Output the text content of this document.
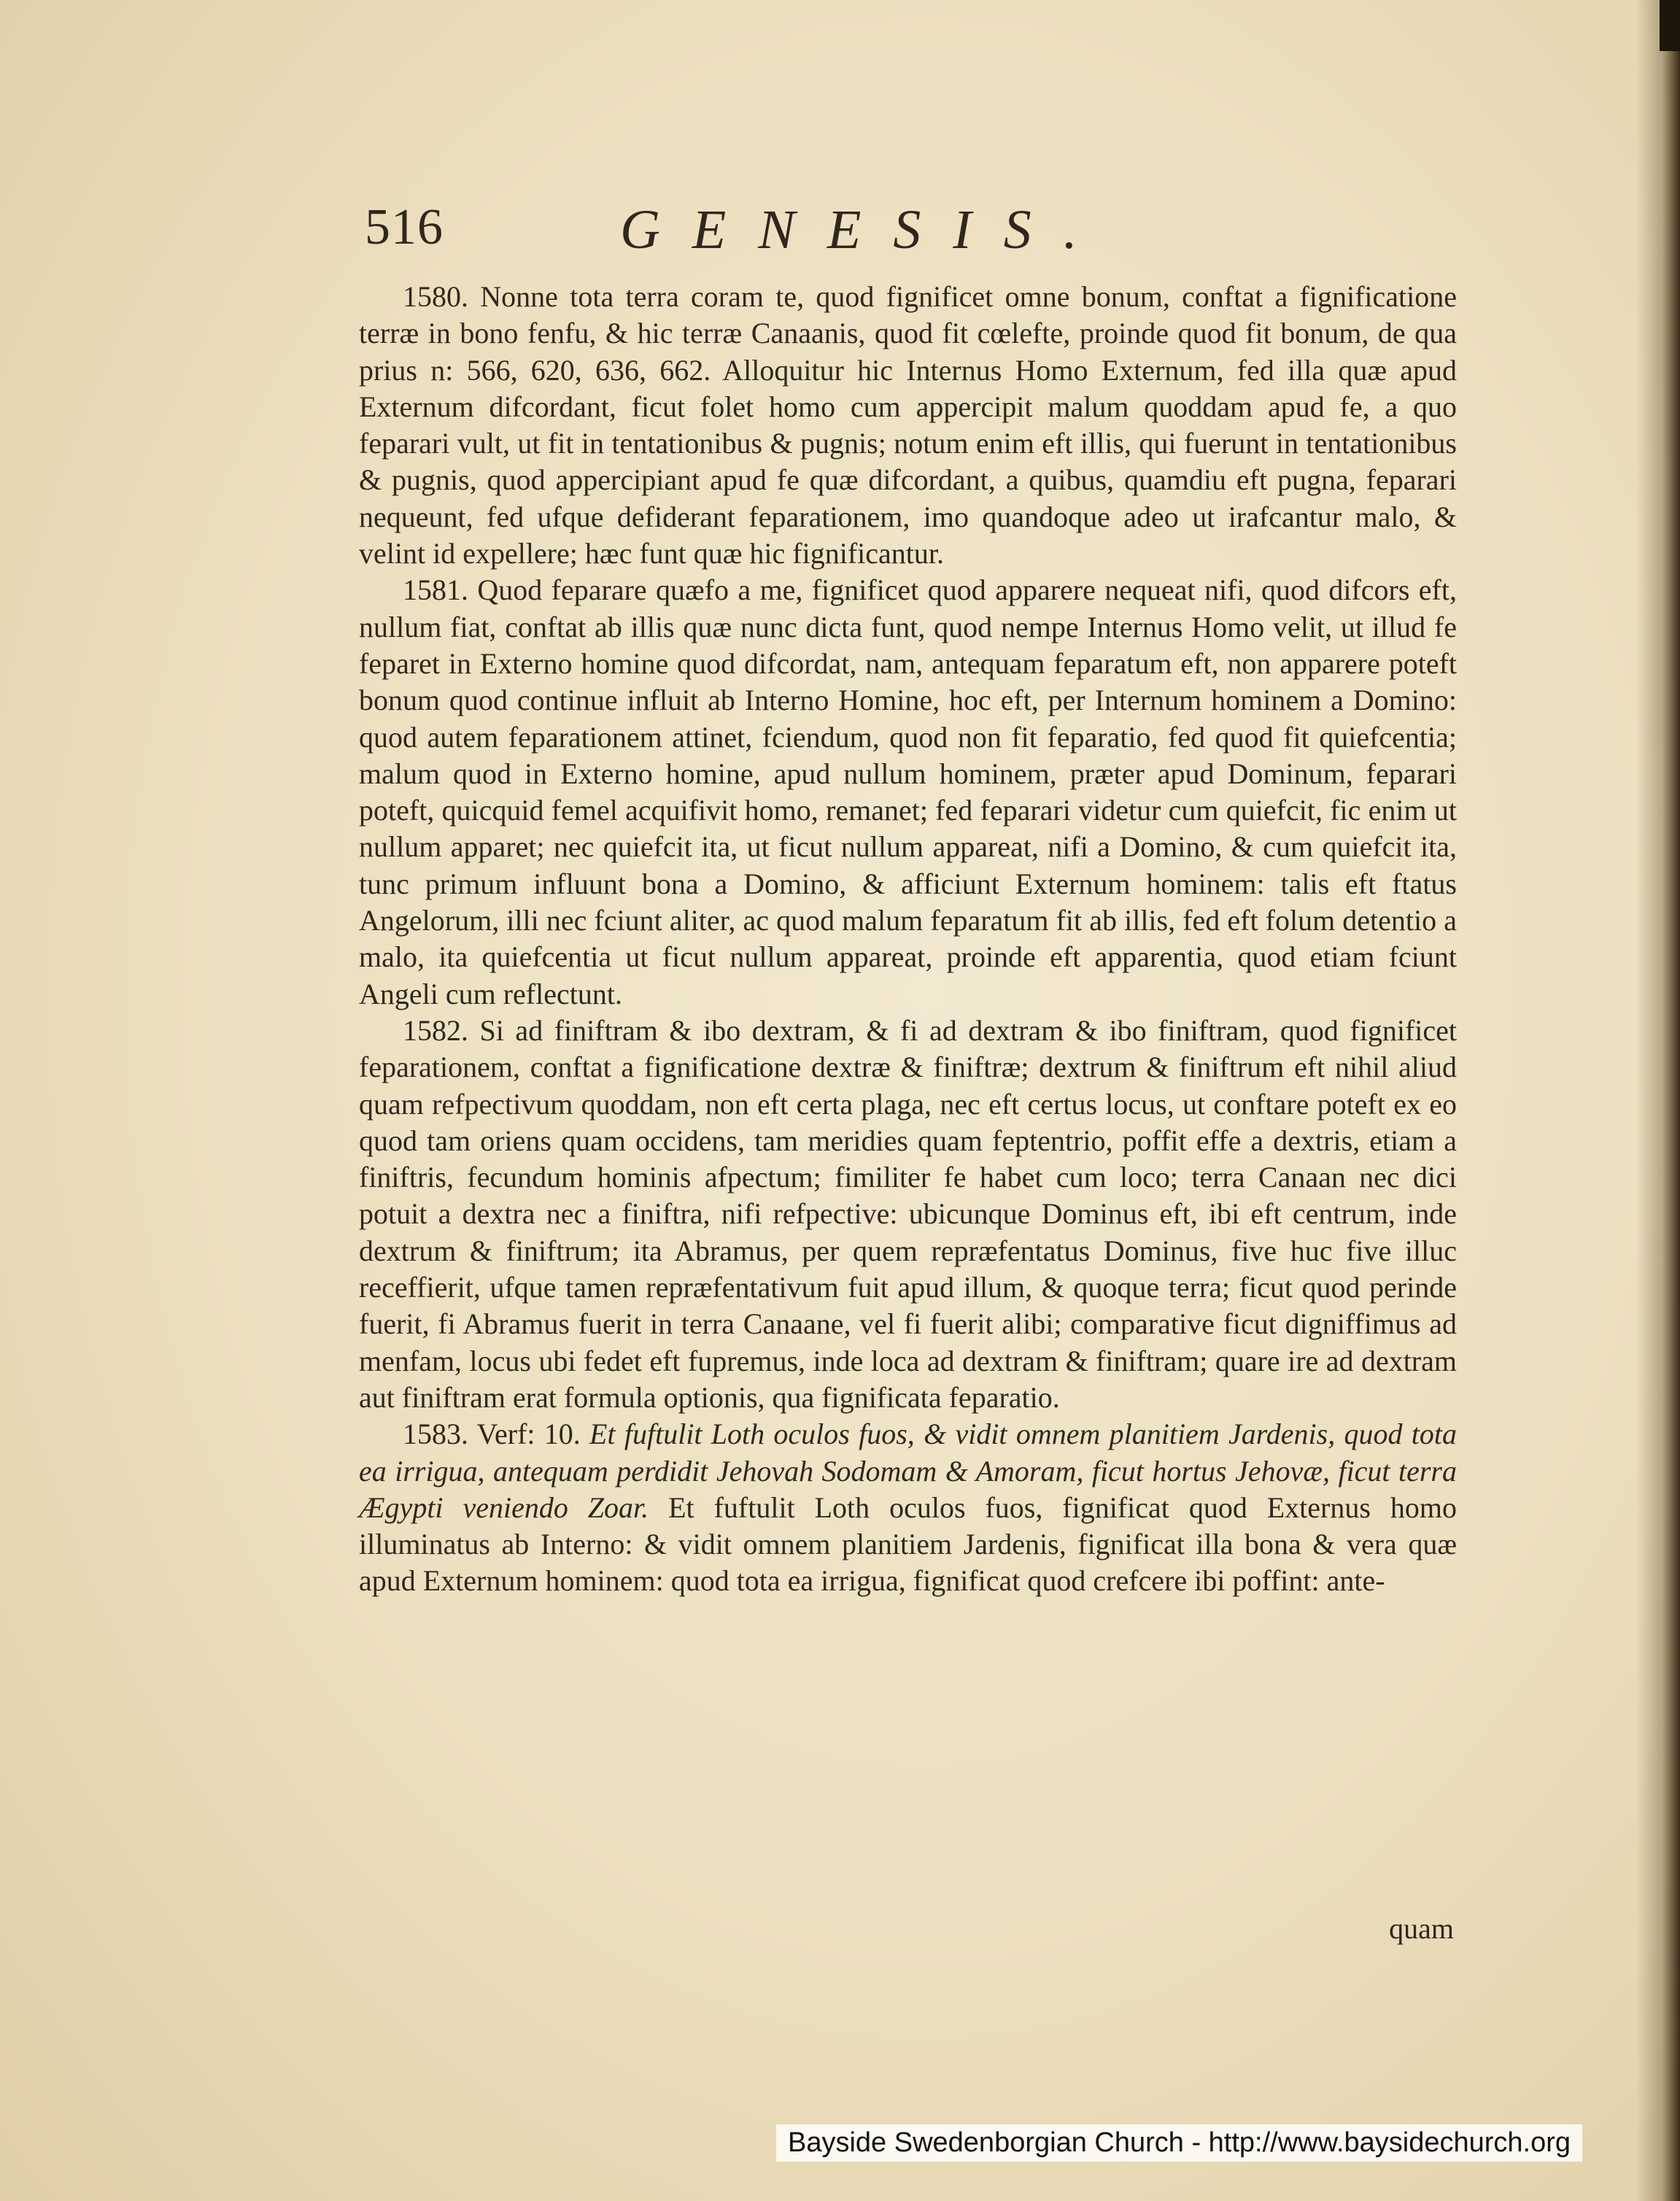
516	GENESIS.

1580. Nonne tota terra coram te, quod fignificet omne bonum, conftat a fignificatione terræ in bono fenfu, & hic terræ Canaanis, quod fit cœlefte, proinde quod fit bonum, de qua prius n: 566, 620, 636, 662. Alloquitur hic Internus Homo Externum, fed illa quæ apud Externum difcordant, ficut folet homo cum appercipit malum quoddam apud fe, a quo feparari vult, ut fit in tentationibus & pugnis; notum enim eft illis, qui fuerunt in tentationibus & pugnis, quod appercipiant apud fe quæ difcordant, a quibus, quamdiu eft pugna, feparari nequeunt, fed ufque defiderant feparationem, imo quandoque adeo ut irafcantur malo, & velint id expellere; hæc funt quæ hic fignificantur.

1581. Quod feparare quæfo a me, fignificet quod apparere nequeat nifi, quod difcors eft, nullum fiat, conftat ab illis quæ nunc dicta funt, quod nempe Internus Homo velit, ut illud fe feparet in Externo homine quod difcordat, nam, antequam feparatum eft, non apparere poteft bonum quod continue influit ab Interno Homine, hoc eft, per Internum hominem a Domino: quod autem feparationem attinet, fciendum, quod non fit feparatio, fed quod fit quiefcentia; malum quod in Externo homine, apud nullum hominem, præter apud Dominum, feparari poteft, quicquid femel acquifivit homo, remanet; fed feparari videtur cum quiefcit, fic enim ut nullum apparet; nec quiefcit ita, ut ficut nullum appareat, nifi a Domino, & cum quiefcit ita, tunc primum influunt bona a Domino, & afficiunt Externum hominem: talis eft ftatus Angelorum, illi nec fciunt aliter, ac quod malum feparatum fit ab illis, fed eft folum detentio a malo, ita quiefcentia ut ficut nullum appareat, proinde eft apparentia, quod etiam fciunt Angeli cum reflectunt.

1582. Si ad finiftram & ibo dextram, & fi ad dextram & ibo finiftram, quod fignificet feparationem, conftat a fignificatione dextræ & finiftræ; dextrum & finiftrum eft nihil aliud quam refpectivum quoddam, non eft certa plaga, nec eft certus locus, ut conftare poteft ex eo quod tam oriens quam occidens, tam meridies quam feptentrio, poffit effe a dextris, etiam a finiftris, fecundum hominis afpectum; fimiliter fe habet cum loco; terra Canaan nec dici potuit a dextra nec a finiftra, nifi refpective: ubicunque Dominus eft, ibi eft centrum, inde dextrum & finiftrum; ita Abramus, per quem repræfentatus Dominus, five huc five illuc receffierit, ufque tamen repræfentativum fuit apud illum, & quoque terra; ficut quod perinde fuerit, fi Abramus fuerit in terra Canaane, vel fi fuerit alibi; comparative ficut digniffimus ad menfam, locus ubi fedet eft fupremus, inde loca ad dextram & finiftram; quare ire ad dextram aut finiftram erat formula optionis, qua fignificata feparatio.

1583. Verf: 10. Et fuftulit Loth oculos fuos, & vidit omnem planitiem Jardenis, quod tota ea irrigua, antequam perdidit Jehovah Sodomam & Amoram, ficut hortus Jehovæ, ficut terra Ægypti veniendo Zoar. Et fuftulit Loth oculos fuos, fignificat quod Externus homo illuminatus ab Interno: & vidit omnem planitiem Jardenis, fignificat illa bona & vera quæ apud Externum hominem: quod tota ea irrigua, fignificat quod crefcere ibi poffint: ante-

quam
Bayside Swedenborgian Church - http://www.baysidechurch.org
